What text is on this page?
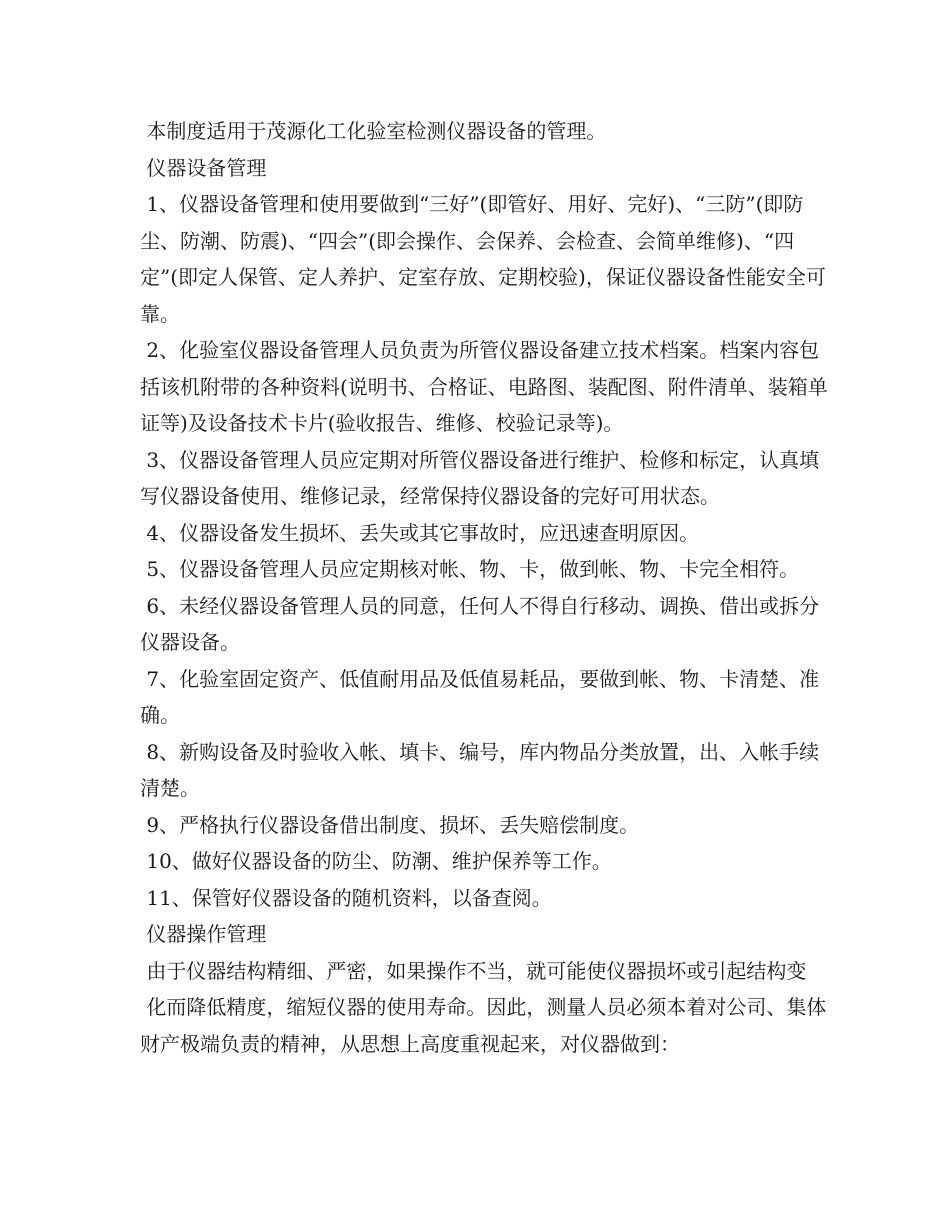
本制度适用于茂源化工化验室检测仪器设备的管理。

仪器设备管理

1、仪器设备管理和使用要做到“三好”(即管好、用好、完好)、“三防”(即防尘、防潮、防震)、“四会”(即会操作、会保养、会检查、会简单维修)、“四定”(即定人保管、定人养护、定室存放、定期校验)，保证仪器设备性能安全可靠。

2、化验室仪器设备管理人员负责为所管仪器设备建立技术档案。档案内容包括该机附带的各种资料(说明书、合格证、电路图、装配图、附件清单、装箱单证等)及设备技术卡片(验收报告、维修、校验记录等)。

3、仪器设备管理人员应定期对所管仪器设备进行维护、检修和标定，认真填写仪器设备使用、维修记录，经常保持仪器设备的完好可用状态。

4、仪器设备发生损坏、丢失或其它事故时，应迅速查明原因。

5、仪器设备管理人员应定期核对帐、物、卡，做到帐、物、卡完全相符。

6、未经仪器设备管理人员的同意，任何人不得自行移动、调换、借出或拆分仪器设备。

7、化验室固定资产、低值耐用品及低值易耗品，要做到帐、物、卡清楚、准确。

8、新购设备及时验收入帐、填卡、编号，库内物品分类放置，出、入帐手续清楚。

9、严格执行仪器设备借出制度、损坏、丢失赔偿制度。

10、做好仪器设备的防尘、防潮、维护保养等工作。

11、保管好仪器设备的随机资料，以备查阅。

仪器操作管理

由于仪器结构精细、严密，如果操作不当，就可能使仪器损坏或引起结构变

化而降低精度，缩短仪器的使用寿命。因此，测量人员必须本着对公司、集体财产极端负责的精神，从思想上高度重视起来，对仪器做到：
